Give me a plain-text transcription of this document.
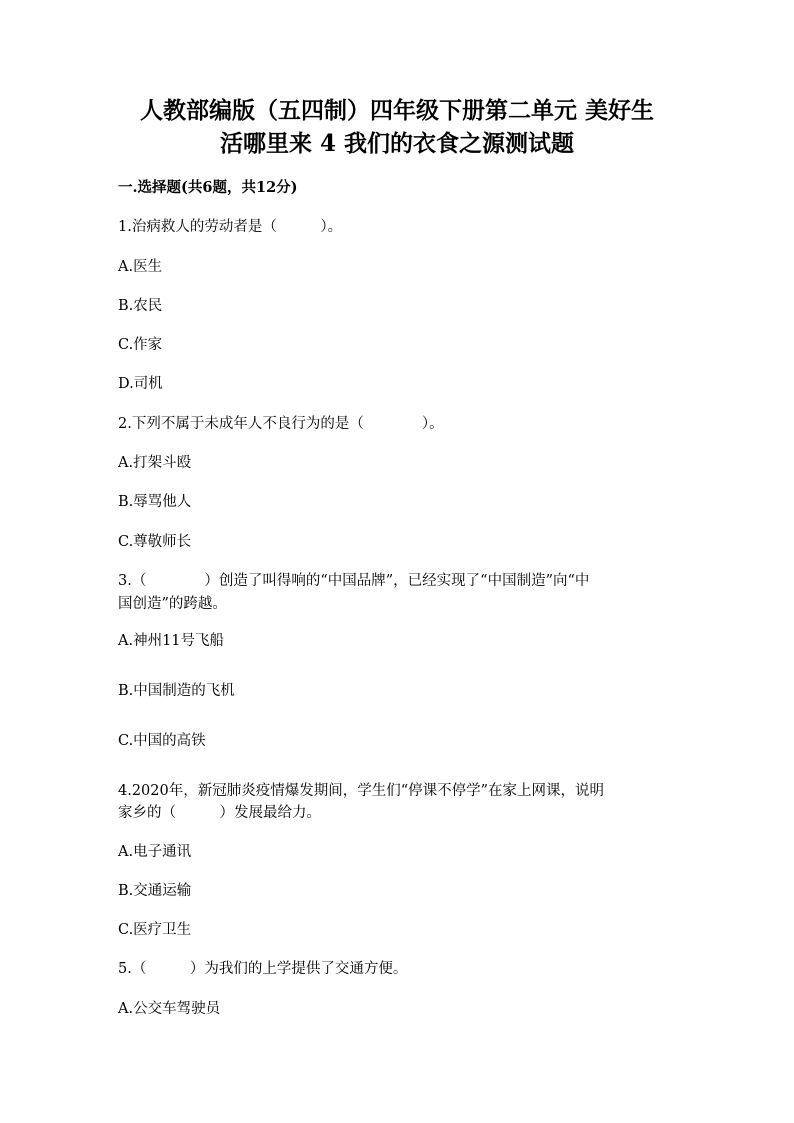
人教部编版（五四制）四年级下册第二单元 美好生
活哪里来 4 我们的衣食之源测试题
一.选择题(共6题，共12分)
1.治病救人的劳动者是（　　　）。
A.医生
B.农民
C.作家
D.司机
2.下列不属于未成年人不良行为的是（　　　　）。
A.打架斗殴
B.辱骂他人
C.尊敬师长
3.（　　　　）创造了叫得响的“中国品牌”，已经实现了“中国制造”向“中
国创造”的跨越。
A.神州11号飞船
B.中国制造的飞机
C.中国的高铁
4.2020年，新冠肺炎疫情爆发期间，学生们“停课不停学”在家上网课，说明
家乡的（　　　）发展最给力。
A.电子通讯
B.交通运输
C.医疗卫生
5.（　　　）为我们的上学提供了交通方便。
A.公交车驾驶员
